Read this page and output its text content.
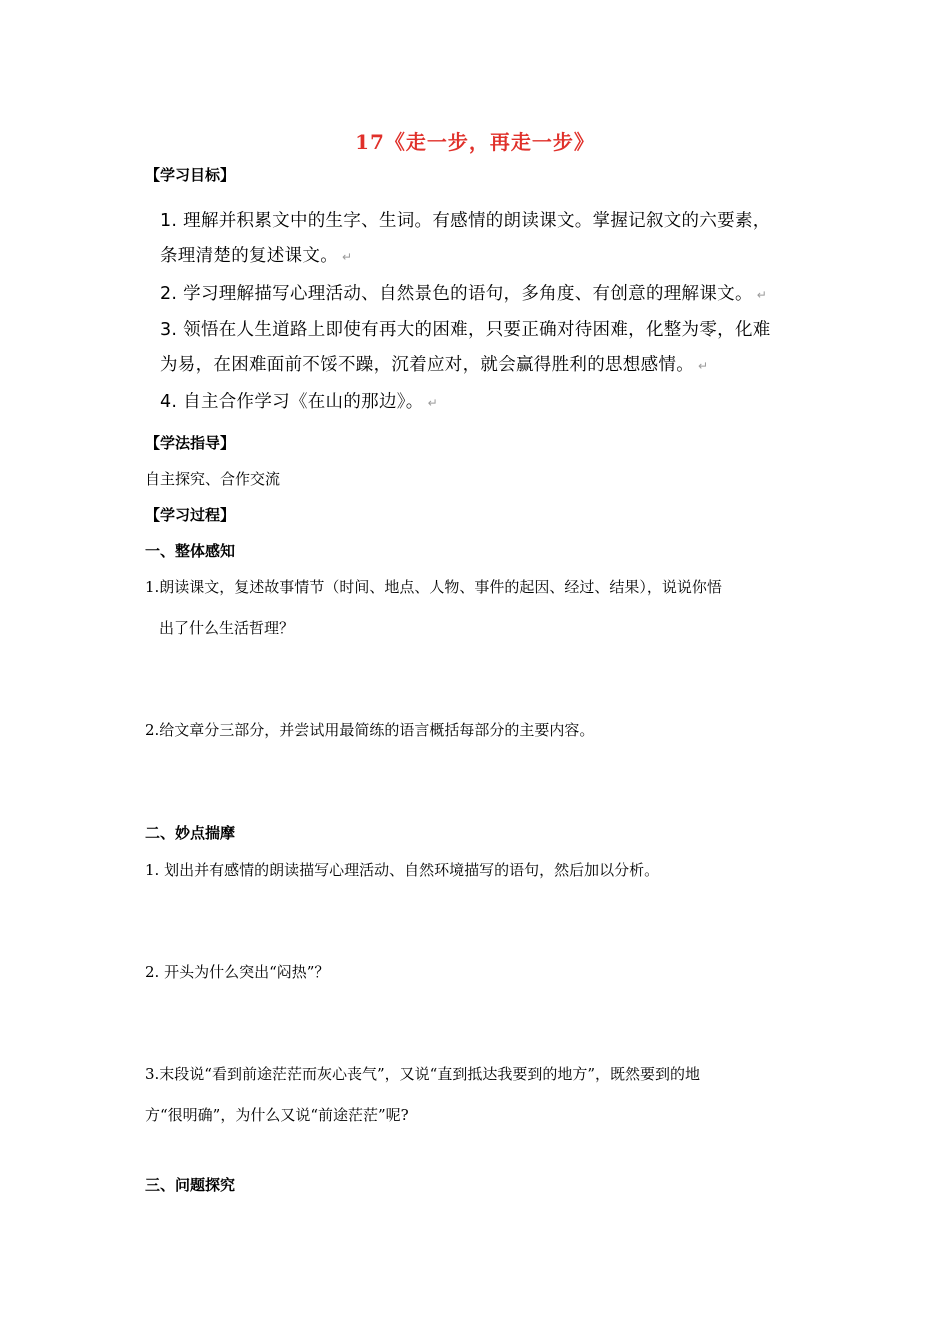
17《走一步，再走一步》
【学习目标】
1. 理解并积累文中的生字、生词。有感情的朗读课文。掌握记叙文的六要素，
条理清楚的复述课文。 ↵
2. 学习理解描写心理活动、自然景色的语句，多角度、有创意的理解课文。 ↵
3. 领悟在人生道路上即使有再大的困难，只要正确对待困难，化整为零，化难
为易，在困难面前不馁不躁，沉着应对，就会赢得胜利的思想感情。 ↵
4. 自主合作学习《在山的那边》。 ↵
【学法指导】
自主探究、合作交流
【学习过程】
一、整体感知
1.朗读课文，复述故事情节（时间、地点、人物、事件的起因、经过、结果），说说你悟
出了什么生活哲理？
2.给文章分三部分，并尝试用最简练的语言概括每部分的主要内容。
二、妙点揣摩
1. 划出并有感情的朗读描写心理活动、自然环境描写的语句，然后加以分析。
2. 开头为什么突出“闷热”？
3.末段说“看到前途茫茫而灰心丧气”，又说“直到抵达我要到的地方”，既然要到的地
方“很明确”，为什么又说“前途茫茫”呢?
三、问题探究
